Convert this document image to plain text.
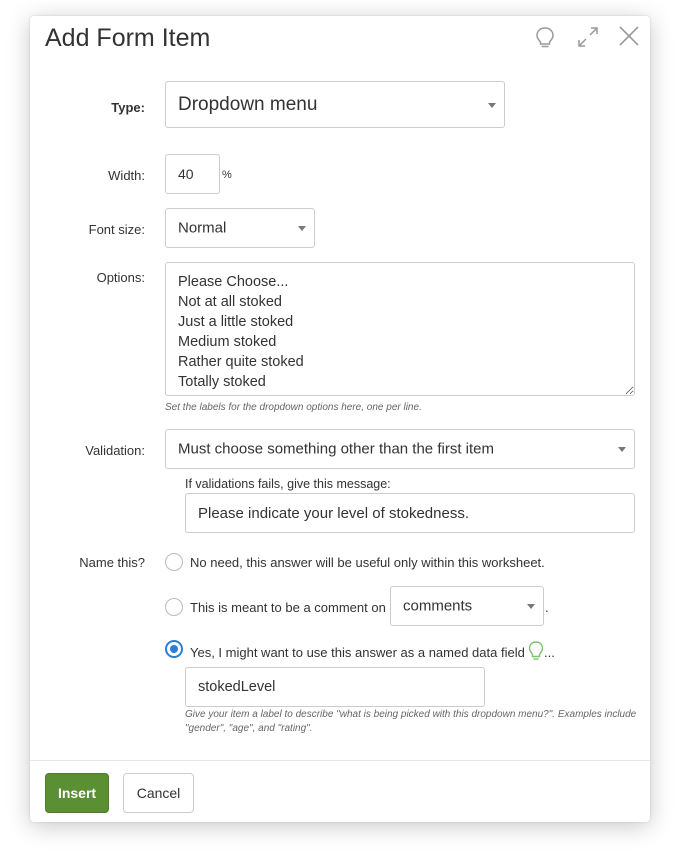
Add Form Item
Type: Dropdown menu
Width: 40	%
Font size: Normal
Options:
Please Choose... Not at all stoked Just a little stoked Medium stoked Rather quite stoked Totally stoked
Set the labels for the dropdown options here, one per line.
Validation: Must choose something other than the first item
If validations fails, give this message:
Please indicate your level of stokedness.
Name this?	No need, this answer will be useful only within this worksheet.
This is meant to be a comment on comments	.
Yes, I might want to use this answer as a named data field ...
stokedLevel
Give your item a label to describe "what is being picked with this dropdown menu?". Examples include "gender", "age", and "rating".
Insert	Cancel
